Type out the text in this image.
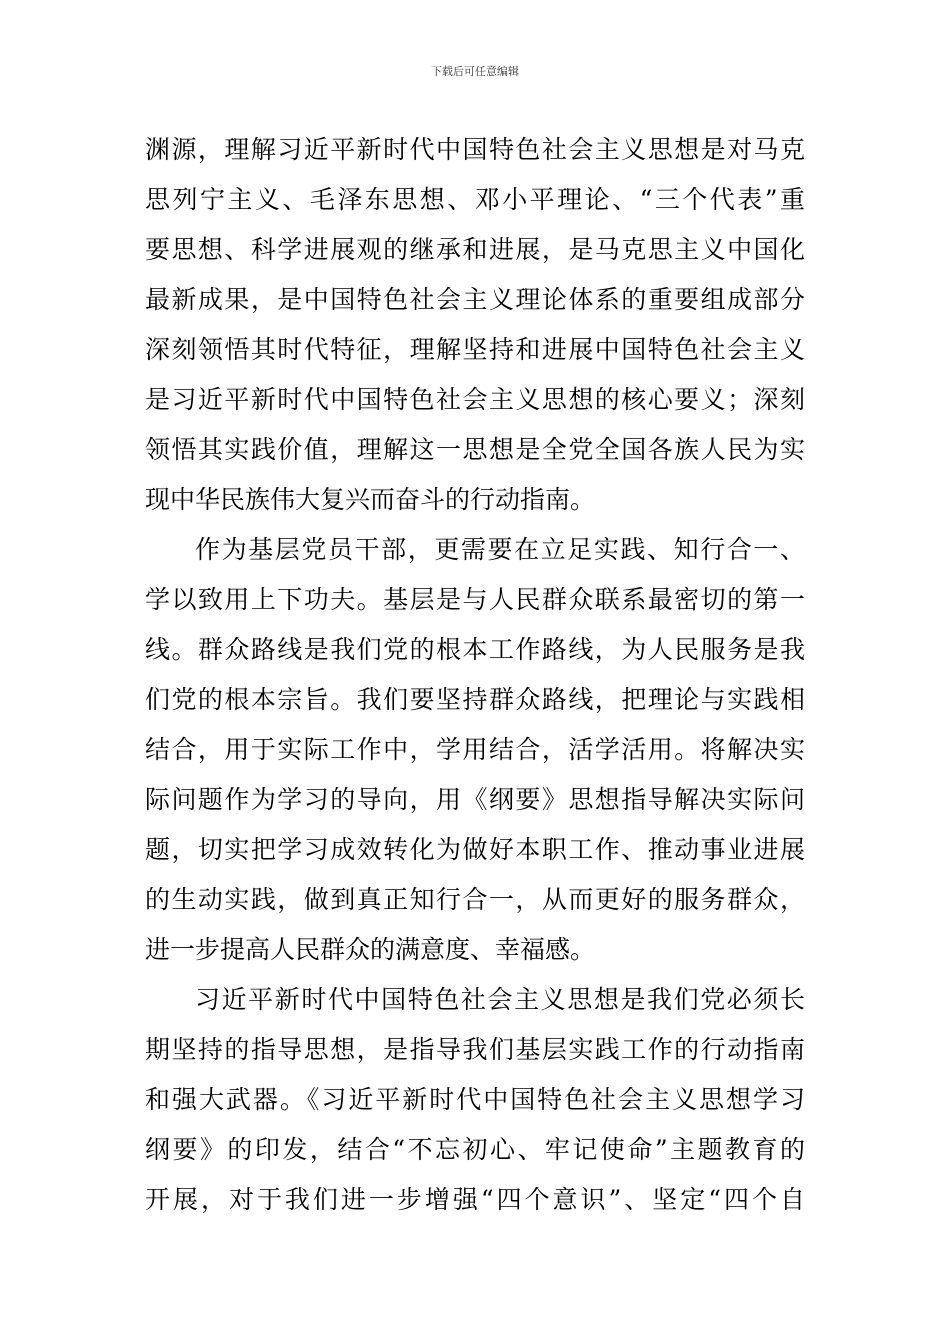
下载后可任意编辑
渊源，理解习近平新时代中国特色社会主义思想是对马克
思列宁主义、毛泽东思想、邓小平理论、“三个代表”重
要思想、科学进展观的继承和进展，是马克思主义中国化
最新成果，是中国特色社会主义理论体系的重要组成部分
深刻领悟其时代特征，理解坚持和进展中国特色社会主义
是习近平新时代中国特色社会主义思想的核心要义；深刻
领悟其实践价值，理解这一思想是全党全国各族人民为实
现中华民族伟大复兴而奋斗的行动指南。
作为基层党员干部，更需要在立足实践、知行合一、
学以致用上下功夫。基层是与人民群众联系最密切的第一
线。群众路线是我们党的根本工作路线，为人民服务是我
们党的根本宗旨。我们要坚持群众路线，把理论与实践相
结合，用于实际工作中，学用结合，活学活用。将解决实
际问题作为学习的导向，用《纲要》思想指导解决实际问
题，切实把学习成效转化为做好本职工作、推动事业进展
的生动实践，做到真正知行合一，从而更好的服务群众，
进一步提高人民群众的满意度、幸福感。
习近平新时代中国特色社会主义思想是我们党必须长
期坚持的指导思想，是指导我们基层实践工作的行动指南
和强大武器。《习近平新时代中国特色社会主义思想学习
纲要》的印发，结合“不忘初心、牢记使命”主题教育的
开展，对于我们进一步增强“四个意识”、坚定“四个自
